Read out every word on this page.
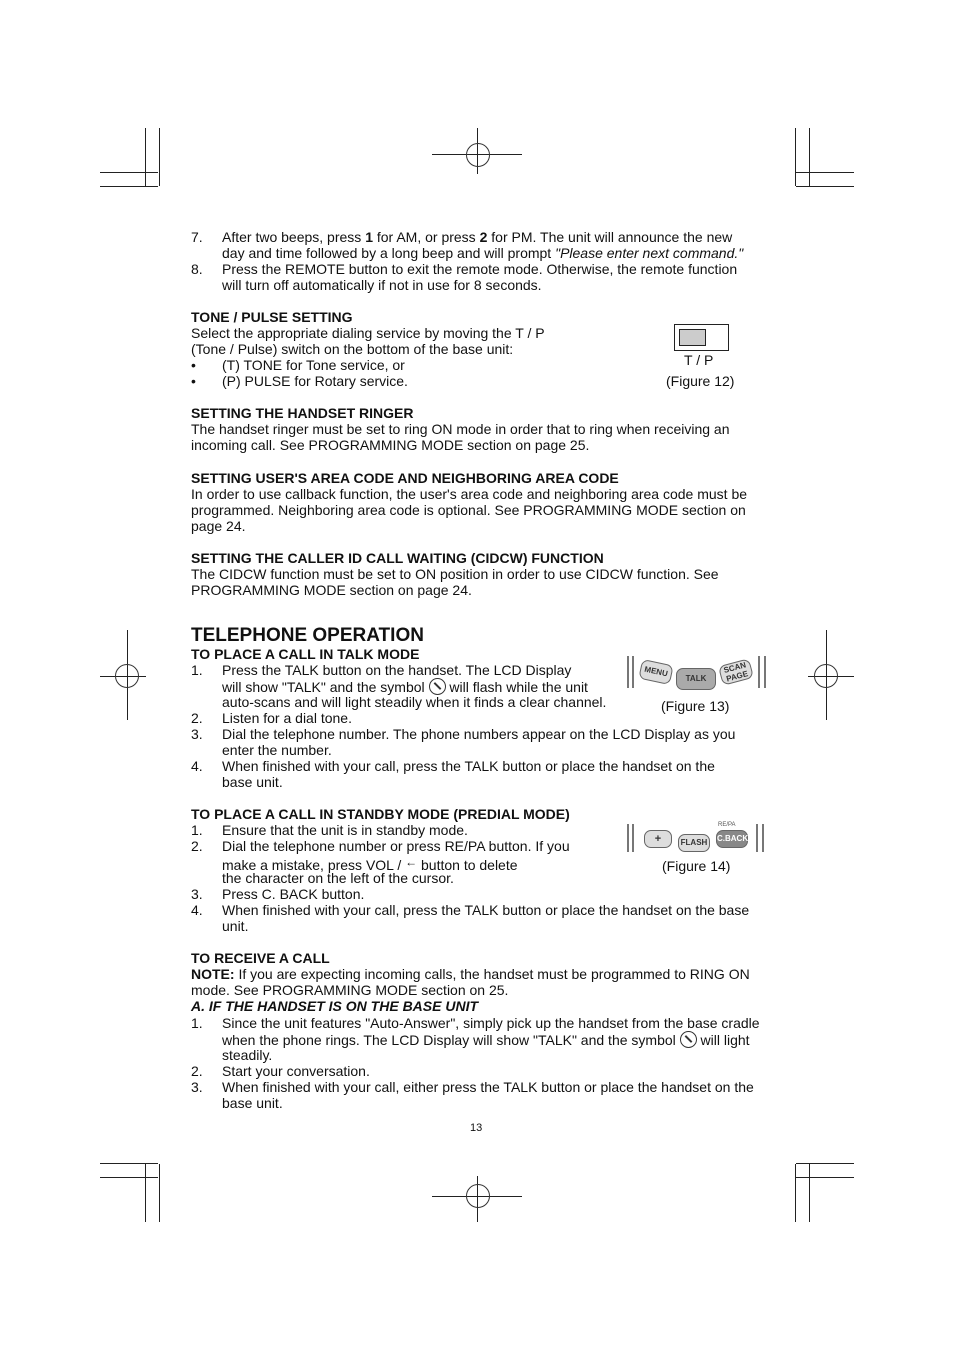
7. After two beeps, press 1 for AM, or press 2 for PM. The unit will announce the new
day and time followed by a long beep and will prompt "Please enter next command."
8. Press the REMOTE button to exit the remote mode. Otherwise, the remote function
will turn off automatically if not in use for 8 seconds.
TONE / PULSE SETTING
Select the appropriate dialing service by moving the T / P
(Tone / Pulse) switch on the bottom of the base unit:
• (T) TONE for Tone service, or
• (P) PULSE for Rotary service.
T / P
(Figure 12)
SETTING THE HANDSET RINGER
The handset ringer must be set to ring ON mode in order that to ring when receiving an
incoming call. See PROGRAMMING MODE section on page 25.
SETTING USER'S AREA CODE AND NEIGHBORING AREA CODE
In order to use callback function, the user's area code and neighboring area code must be
programmed. Neighboring area code is optional. See PROGRAMMING MODE section on
page 24.
SETTING THE CALLER ID CALL WAITING (CIDCW) FUNCTION
The CIDCW function must be set to ON position in order to use CIDCW function. See
PROGRAMMING MODE section on page 24.
TELEPHONE OPERATION
TO PLACE A CALL IN TALK MODE
1. Press the TALK button on the handset. The LCD Display
will show "TALK" and the symbol  will flash while the unit
auto-scans and will light steadily when it finds a clear channel.
2. Listen for a dial tone.
3. Dial the telephone number. The phone numbers appear on the LCD Display as you
enter the number.
4. When finished with your call, press the TALK button or place the handset on the
base unit.
MENU
TALK
SCAN PAGE
(Figure 13)
TO PLACE A CALL IN STANDBY MODE (PREDIAL MODE)
1. Ensure that the unit is in standby mode.
2. Dial the telephone number or press RE/PA button. If you
make a mistake, press VOL / ← button to delete
the character on the left of the cursor.
3. Press C. BACK button.
4. When finished with your call, press the TALK button or place the handset on the base
unit.
+	FLASH
RE/PA
C.BACK
(Figure 14)
TO RECEIVE A CALL
NOTE: If you are expecting incoming calls, the handset must be programmed to RING ON
mode. See PROGRAMMING MODE section on 25.
A. IF THE HANDSET IS ON THE BASE UNIT
1. Since the unit features "Auto-Answer", simply pick up the handset from the base cradle
when the phone rings. The LCD Display will show "TALK" and the symbol  will light
steadily.
2. Start your conversation.
3. When finished with your call, either press the TALK button or place the handset on the
base unit.
13
